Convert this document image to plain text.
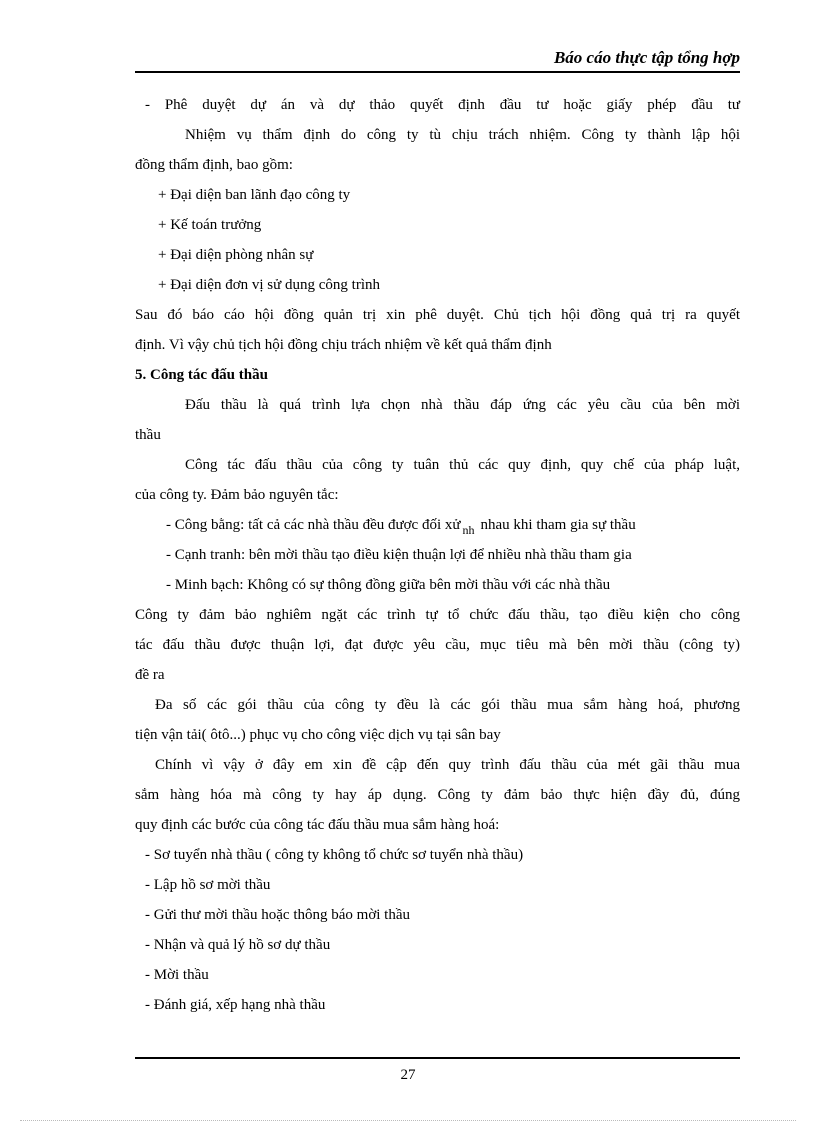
Báo cáo thực tập tổng hợp
- Phê duyệt dự án và dự thảo quyết định đầu tư hoặc giấy phép đầu tư
Nhiệm vụ thẩm định do công ty tù chịu trách nhiệm. Công ty thành lập hội
đồng thẩm định, bao gồm:
+ Đại diện ban lãnh đạo công ty
+ Kế toán trưởng
+ Đại diện phòng nhân sự
+ Đại diện đơn vị sử dụng công trình
Sau đó báo cáo hội đồng quản trị xin phê duyệt. Chủ tịch hội đồng quả trị ra quyết
định. Vì vậy chủ tịch hội đồng chịu trách nhiệm về kết quả thẩm định
5. Công tác đấu thầu
Đấu thầu là quá trình lựa chọn nhà thầu đáp ứng các yêu cầu của bên mời
thầu
Công tác đấu thầu của công ty tuân thủ các quy định, quy chế của pháp luật,
của công ty. Đảm bảo nguyên tắc:
- Công bằng: tất cả các nhà thầu đều được đối xử $_{nh}$ nhau khi tham gia sự thầu
- Cạnh tranh: bên mời thầu tạo điều kiện thuận lợi để nhiều nhà thầu tham gia
- Minh bạch: Không có sự thông đồng giữa bên mời thầu với các nhà thầu
Công ty đảm bảo nghiêm ngặt các trình tự tổ chức đấu thầu, tạo điều kiện cho công
tác đấu thầu được thuận lợi, đạt được yêu cầu, mục tiêu mà bên mời thầu (công ty)
đề ra
Đa số các gói thầu của công ty đều là các gói thầu mua sắm hàng hoá, phương
tiện vận tải( ôtô...) phục vụ cho công việc dịch vụ tại sân bay
Chính vì vậy ở đây em xin đề cập đến quy trình đấu thầu của mét gãi thầu mua
sắm hàng hóa mà công ty hay áp dụng. Công ty đảm bảo thực hiện đầy đủ, đúng
quy định các bước của công tác đấu thầu mua sắm hàng hoá:
- Sơ tuyển nhà thầu ( công ty không tổ chức sơ tuyển nhà thầu)
- Lập hồ sơ mời thầu
- Gửi thư mời thầu hoặc thông báo mời thầu
- Nhận và quả lý hồ sơ dự thầu
- Mời thầu
- Đánh giá, xếp hạng nhà thầu
27
